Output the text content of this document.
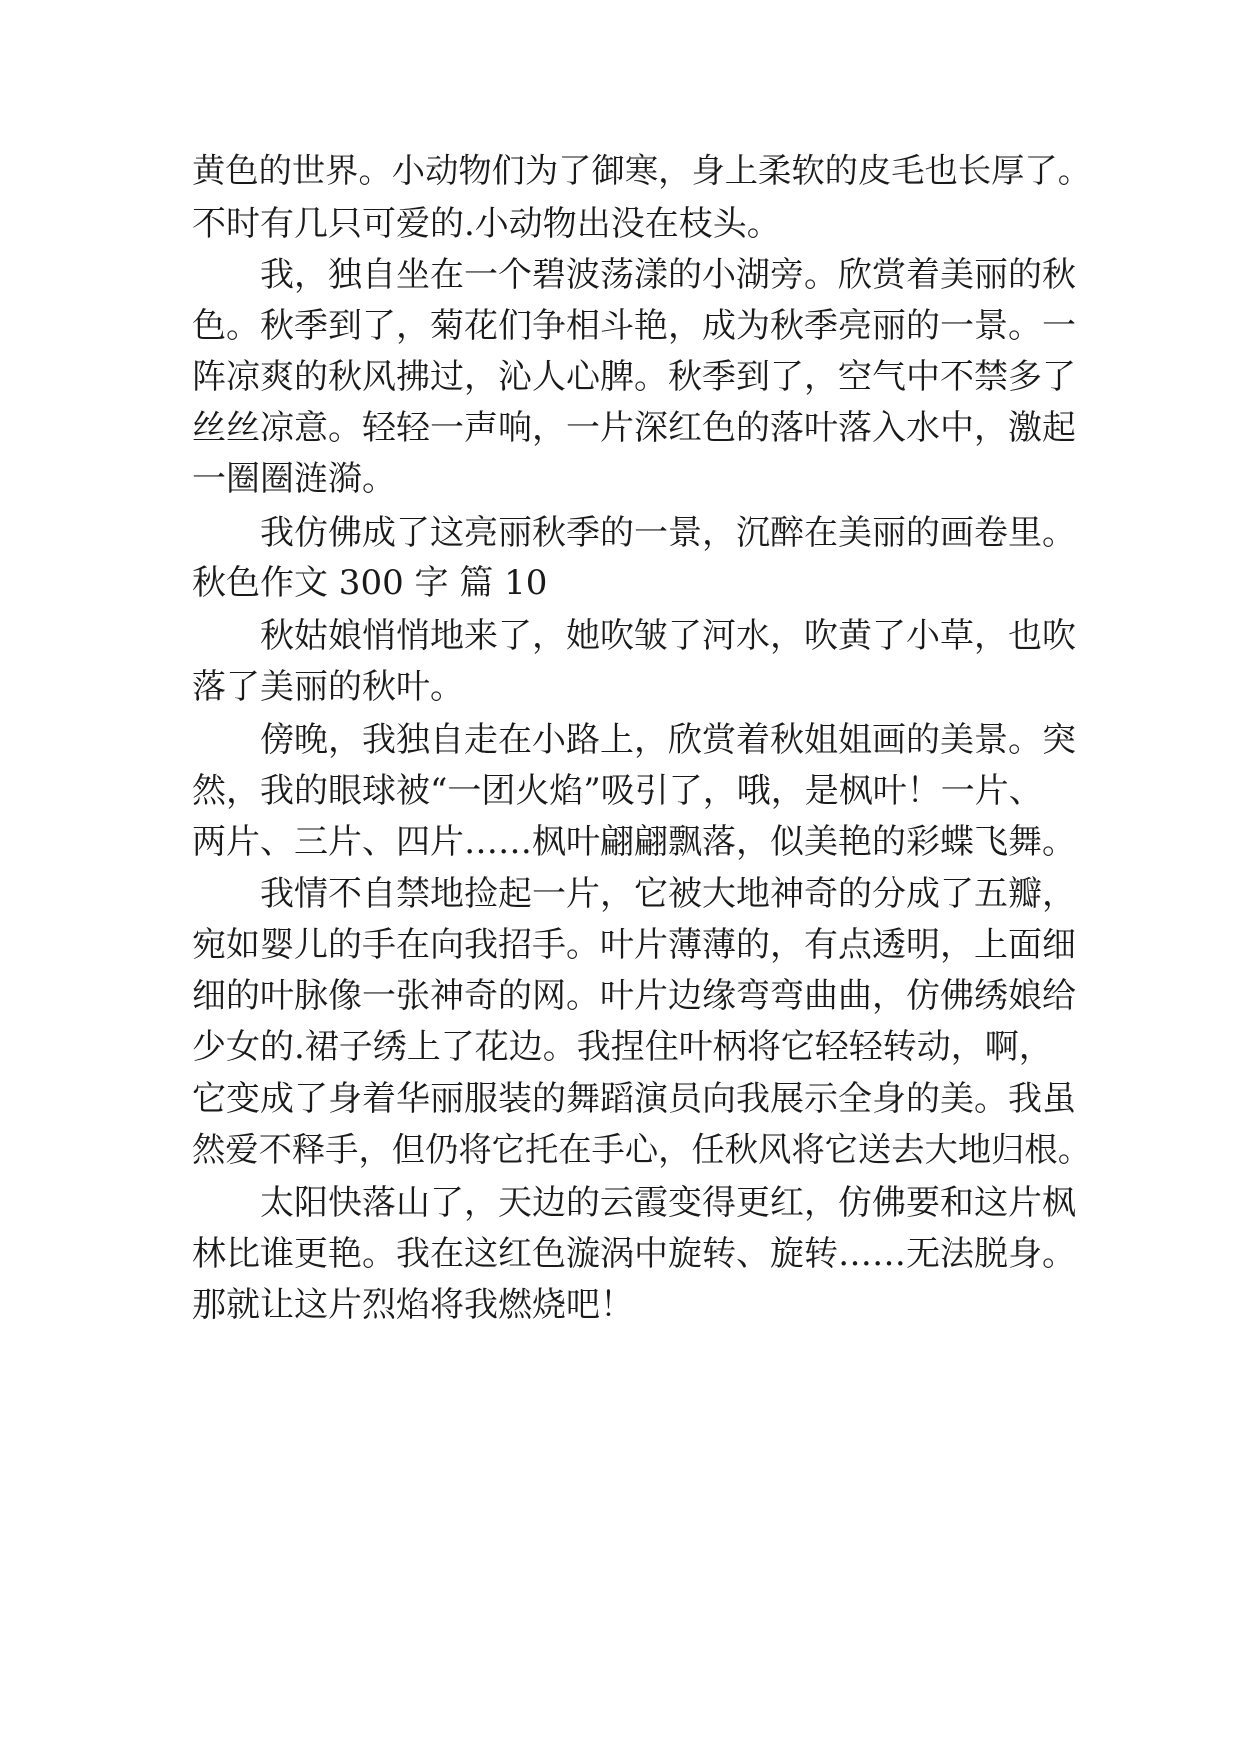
黄色的世界。小动物们为了御寒，身上柔软的皮毛也长厚了。
不时有几只可爱的.小动物出没在枝头。
我，独自坐在一个碧波荡漾的小湖旁。欣赏着美丽的秋
色。秋季到了，菊花们争相斗艳，成为秋季亮丽的一景。一
阵凉爽的秋风拂过，沁人心脾。秋季到了，空气中不禁多了
丝丝凉意。轻轻一声响，一片深红色的落叶落入水中，激起
一圈圈涟漪。
我仿佛成了这亮丽秋季的一景，沉醉在美丽的画卷里。
秋色作文 300 字 篇 10
秋姑娘悄悄地来了，她吹皱了河水，吹黄了小草，也吹
落了美丽的秋叶。
傍晚，我独自走在小路上，欣赏着秋姐姐画的美景。突
然，我的眼球被“一团火焰”吸引了，哦，是枫叶！一片、
两片、三片、四片……枫叶翩翩飘落，似美艳的彩蝶飞舞。
我情不自禁地捡起一片，它被大地神奇的分成了五瓣，
宛如婴儿的手在向我招手。叶片薄薄的，有点透明，上面细
细的叶脉像一张神奇的网。叶片边缘弯弯曲曲，仿佛绣娘给
少女的.裙子绣上了花边。我捏住叶柄将它轻轻转动，啊，
它变成了身着华丽服装的舞蹈演员向我展示全身的美。我虽
然爱不释手，但仍将它托在手心，任秋风将它送去大地归根。
太阳快落山了，天边的云霞变得更红，仿佛要和这片枫
林比谁更艳。我在这红色漩涡中旋转、旋转……无法脱身。
那就让这片烈焰将我燃烧吧！
